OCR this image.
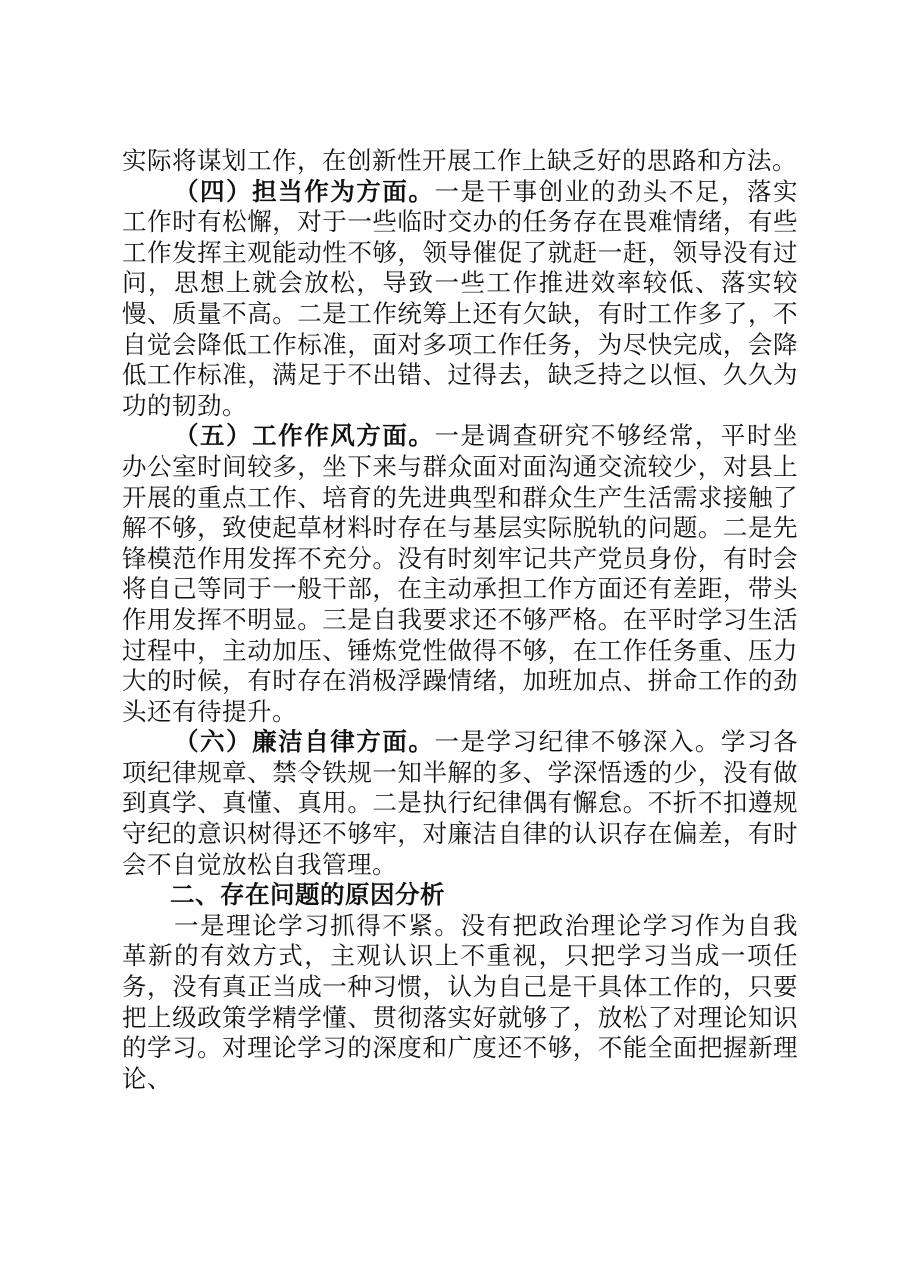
实际将谋划工作，在创新性开展工作上缺乏好的思路和方法。

（四）担当作为方面。一是干事创业的劲头不足，落实工作时有松懈，对于一些临时交办的任务存在畏难情绪，有些工作发挥主观能动性不够，领导催促了就赶一赶，领导没有过问，思想上就会放松，导致一些工作推进效率较低、落实较慢、质量不高。二是工作统筹上还有欠缺，有时工作多了，不自觉会降低工作标准，面对多项工作任务，为尽快完成，会降低工作标准，满足于不出错、过得去，缺乏持之以恒、久久为功的韧劲。

（五）工作作风方面。一是调查研究不够经常，平时坐办公室时间较多，坐下来与群众面对面沟通交流较少，对县上开展的重点工作、培育的先进典型和群众生产生活需求接触了解不够，致使起草材料时存在与基层实际脱轨的问题。二是先锋模范作用发挥不充分。没有时刻牢记共产党员身份，有时会将自己等同于一般干部，在主动承担工作方面还有差距，带头作用发挥不明显。三是自我要求还不够严格。在平时学习生活过程中，主动加压、锤炼党性做得不够，在工作任务重、压力大的时候，有时存在消极浮躁情绪，加班加点、拼命工作的劲头还有待提升。

（六）廉洁自律方面。一是学习纪律不够深入。学习各项纪律规章、禁令铁规一知半解的多、学深悟透的少，没有做到真学、真懂、真用。二是执行纪律偶有懈怠。不折不扣遵规守纪的意识树得还不够牢，对廉洁自律的认识存在偏差，有时会不自觉放松自我管理。

二、存在问题的原因分析

一是理论学习抓得不紧。没有把政治理论学习作为自我革新的有效方式，主观认识上不重视，只把学习当成一项任务，没有真正当成一种习惯，认为自己是干具体工作的，只要把上级政策学精学懂、贯彻落实好就够了，放松了对理论知识的学习。对理论学习的深度和广度还不够，不能全面把握新理论、
